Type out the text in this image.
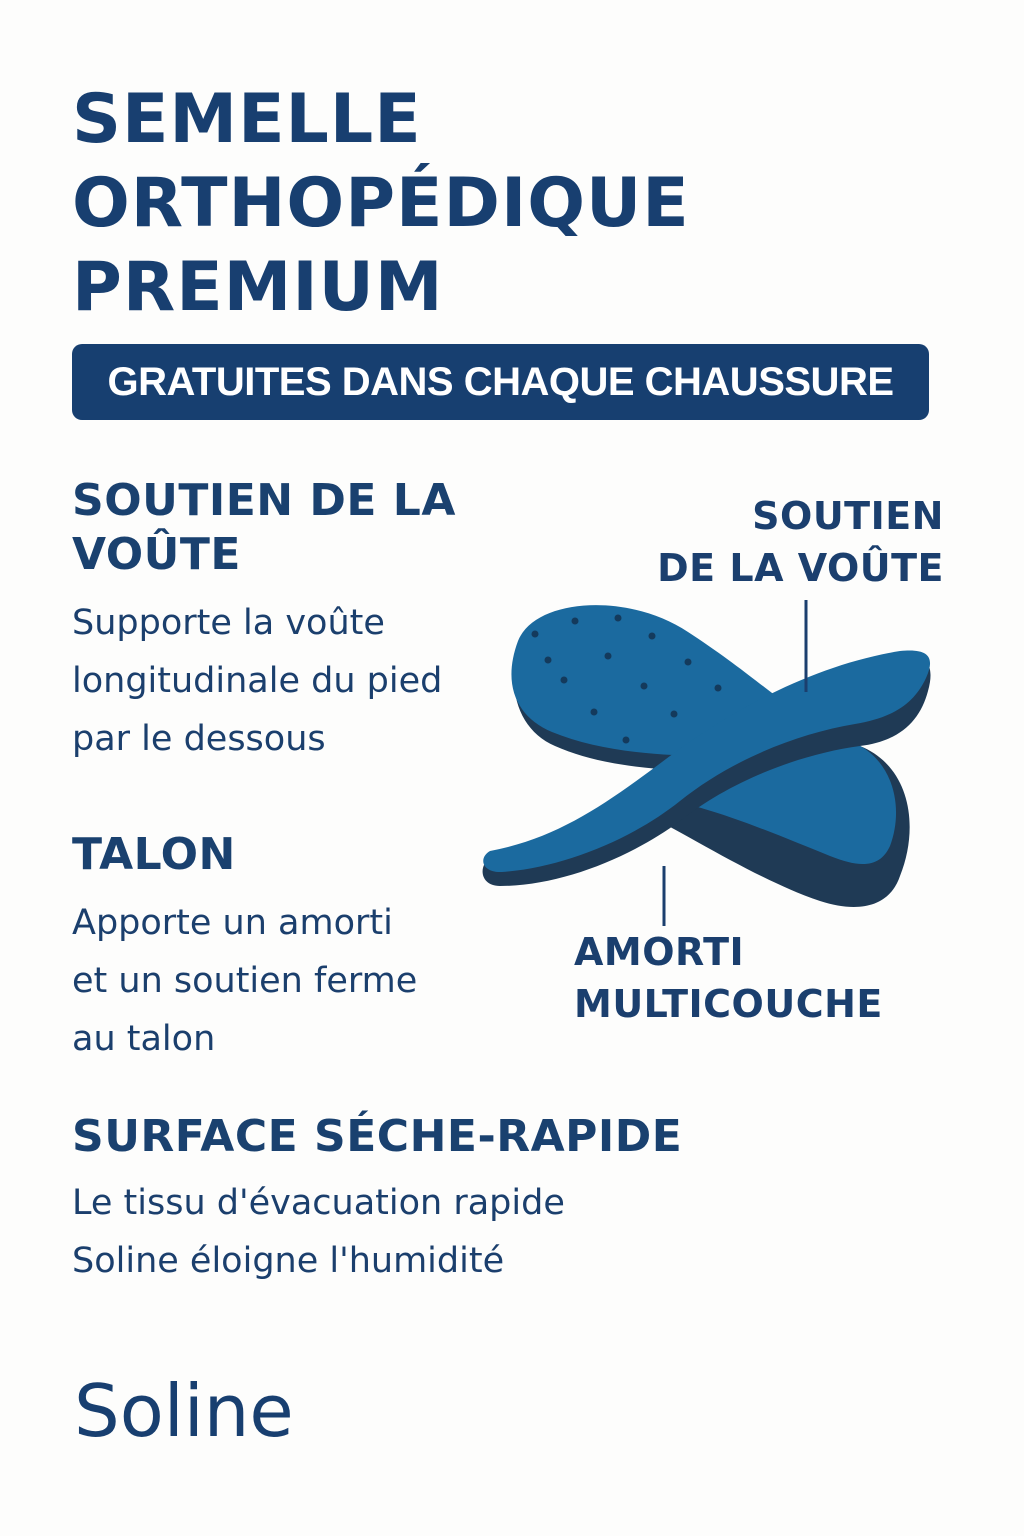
SEMELLE
ORTHOPÉDIQUE
PREMIUM
GRATUITES DANS CHAQUE CHAUSSURE
SOUTIEN DE LA
VOÛTE

Supporte la voûte
longitudinale du pied
par le dessous

TALON

Apporte un amorti
et un soutien ferme
au talon

SURFACE SÉCHE-RAPIDE

Le tissu d'évacuation rapide
Soline éloigne l'humidité

SOUTIEN
DE LA VOÛTE

AMORTI
MULTICOUCHE

Soline
